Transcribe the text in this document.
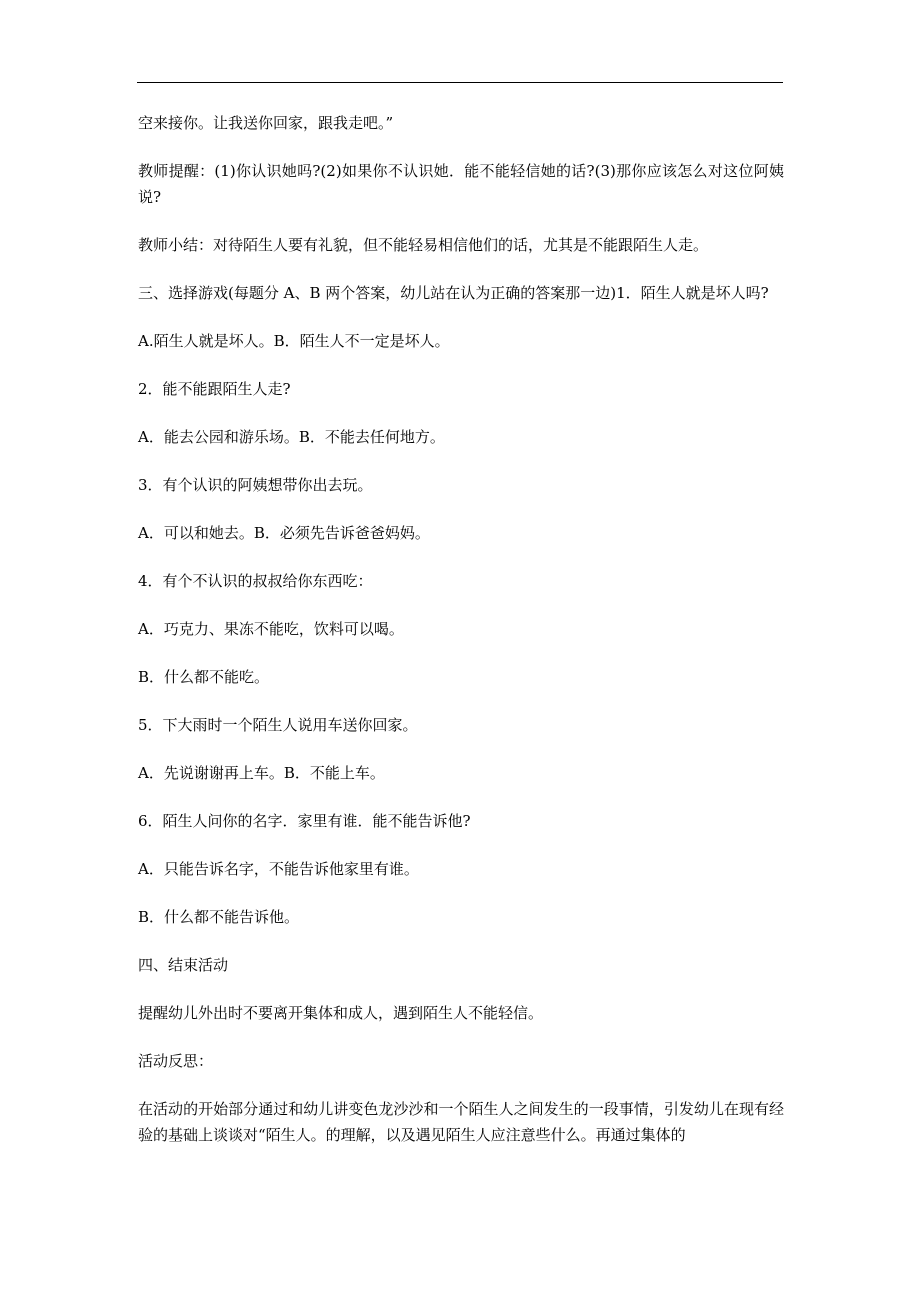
空来接你。让我送你回家，跟我走吧。”

教师提醒：(1)你认识她吗?(2)如果你不认识她．能不能轻信她的话?(3)那你应该怎么对这位阿姨说?

教师小结：对待陌生人要有礼貌，但不能轻易相信他们的话，尤其是不能跟陌生人走。

三、选择游戏(每题分 A、B 两个答案，幼儿站在认为正确的答案那一边)1．陌生人就是坏人吗?

A.陌生人就是坏人。B．陌生人不一定是坏人。

2．能不能跟陌生人走?

A．能去公园和游乐场。B．不能去任何地方。

3．有个认识的阿姨想带你出去玩。

A．可以和她去。B．必须先告诉爸爸妈妈。

4．有个不认识的叔叔给你东西吃：

A．巧克力、果冻不能吃，饮料可以喝。

B．什么都不能吃。

5．下大雨时一个陌生人说用车送你回家。

A．先说谢谢再上车。B．不能上车。

6．陌生人问你的名字．家里有谁．能不能告诉他?

A．只能告诉名字，不能告诉他家里有谁。

B．什么都不能告诉他。

四、结束活动

提醒幼儿外出时不要离开集体和成人，遇到陌生人不能轻信。

活动反思：

在活动的开始部分通过和幼儿讲变色龙沙沙和一个陌生人之间发生的一段事情，引发幼儿在现有经验的基础上谈谈对“陌生人。的理解，以及遇见陌生人应注意些什么。再通过集体的
